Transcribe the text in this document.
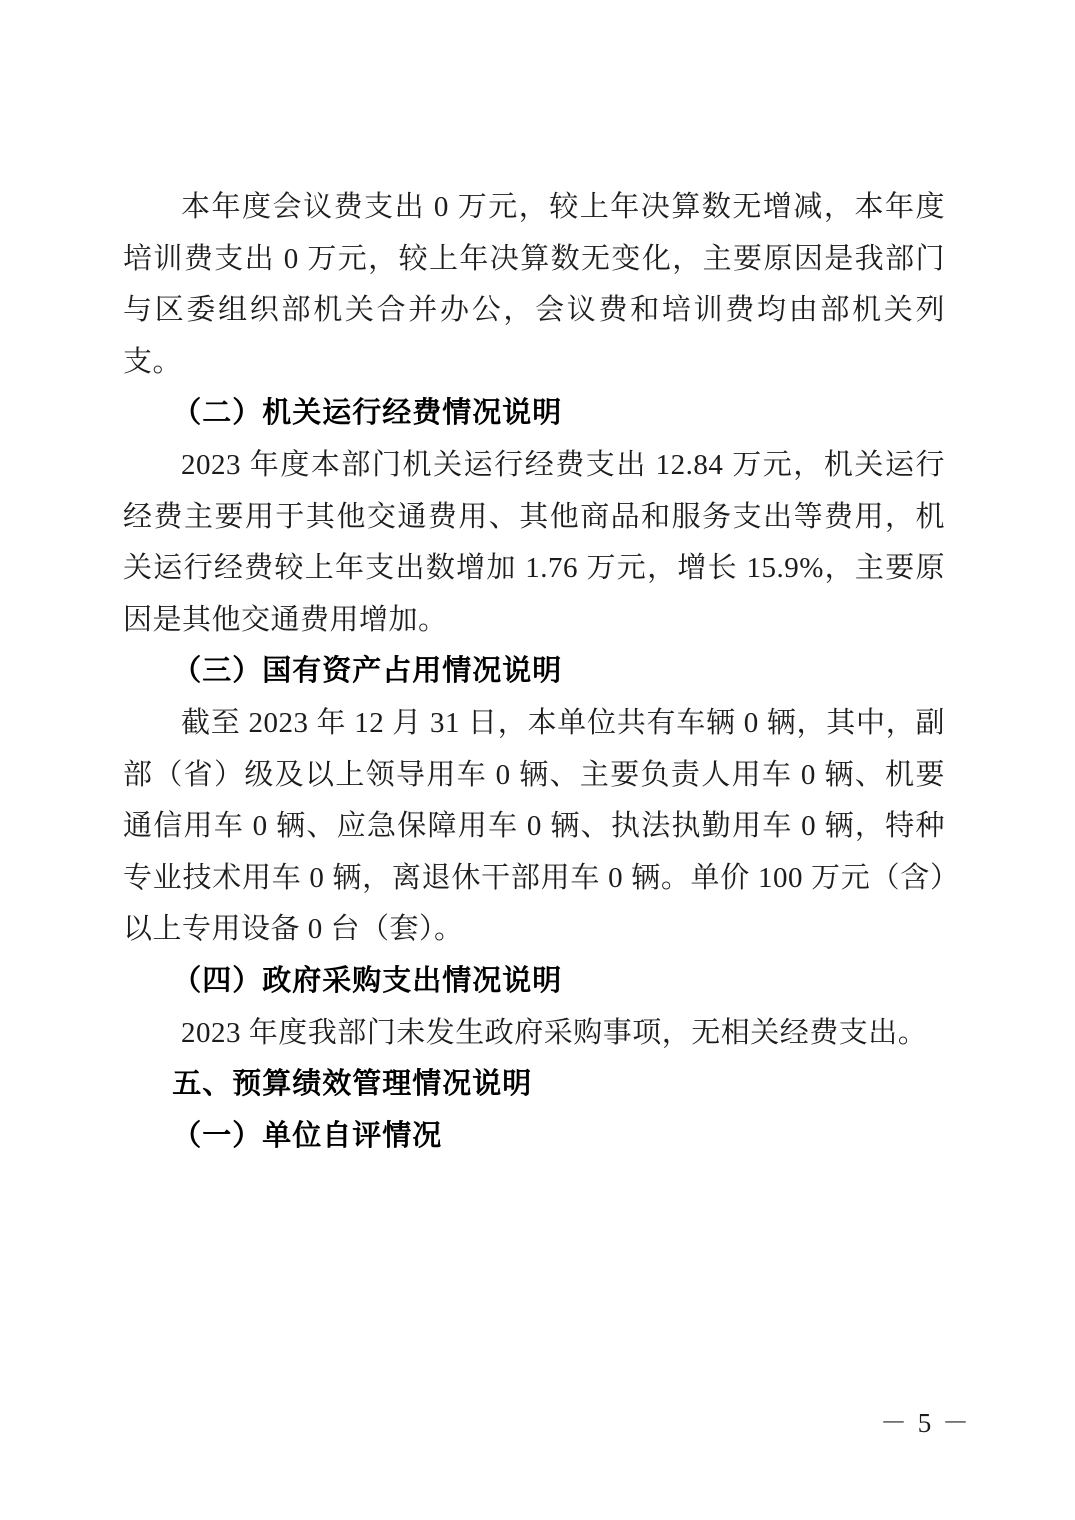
本年度会议费支出 0 万元，较上年决算数无增减，本年度培训费支出 0 万元，较上年决算数无变化，主要原因是我部门与区委组织部机关合并办公，会议费和培训费均由部机关列支。

（二）机关运行经费情况说明

2023 年度本部门机关运行经费支出 12.84 万元，机关运行经费主要用于其他交通费用、其他商品和服务支出等费用，机关运行经费较上年支出数增加 1.76 万元，增长 15.9%，主要原因是其他交通费用增加。

（三）国有资产占用情况说明

截至 2023 年 12 月 31 日，本单位共有车辆 0 辆，其中，副部（省）级及以上领导用车 0 辆、主要负责人用车 0 辆、机要通信用车 0 辆、应急保障用车 0 辆、执法执勤用车 0 辆，特种专业技术用车 0 辆，离退休干部用车 0 辆。单价 100 万元（含）以上专用设备 0 台（套）。

（四）政府采购支出情况说明

2023 年度我部门未发生政府采购事项，无相关经费支出。

五、预算绩效管理情况说明
（一）单位自评情况
－ 5 －
